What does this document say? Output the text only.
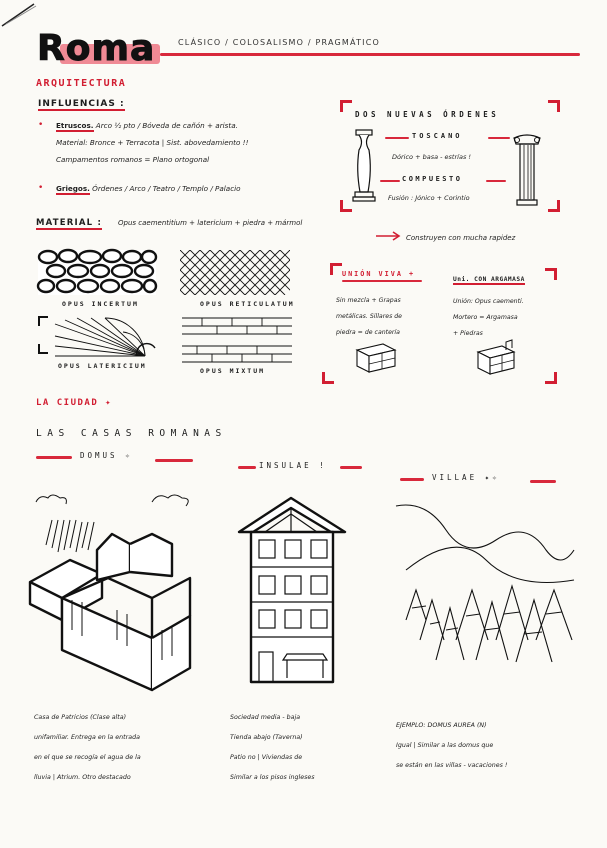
Roma	CLÁSICO / COLOSALISMO / PRAGMÁTICO
ARQUITECTURA
INFLUENCIAS :
• Etruscos. Arco ½ pto / Bóveda de cañón + arista.
Material: Bronce + Terracota | Sist. abovedamiento !!
Campamentos romanos = Plano ortogonal
• Griegos. Órdenes / Arco / Teatro / Templo / Palacio
DOS NUEVAS ÓRDENES
TOSCANO
Dórico + basa - estrías !
COMPUESTO
Fusión : Jónico + Corintio
MATERIAL : Opus caementitium + latericium + piedra + mármol
Construyen con mucha rapidez
OPUS INCERTUM	OPUS RETICULATUM
OPUS LATERICIUM
OPUS MIXTUM
UNIÓN VIVA +
Sin mezcla + Grapas
metálicas. Sillares de
piedra = de cantería
Uni. CON ARGAMASA
Unión: Opus caementi.
Mortero = Argamasa
+ Piedras
LA CIUDAD ✦
LAS CASAS ROMANAS
DOMUS ✧
INSULAE !
VILLAE ✦✧
Casa de Patricios (Clase alta)
unifamiliar. Entrega en la entrada
en el que se recogía el agua de la
lluvia | Atrium. Otro destacado
Sociedad media - baja
Tienda abajo (Taverna)
Patio no | Viviendas de
Similar a los pisos ingleses
EJEMPLO: DOMUS AUREA (N)
Igual | Similar a las domus que
se están en las villas - vacaciones !
